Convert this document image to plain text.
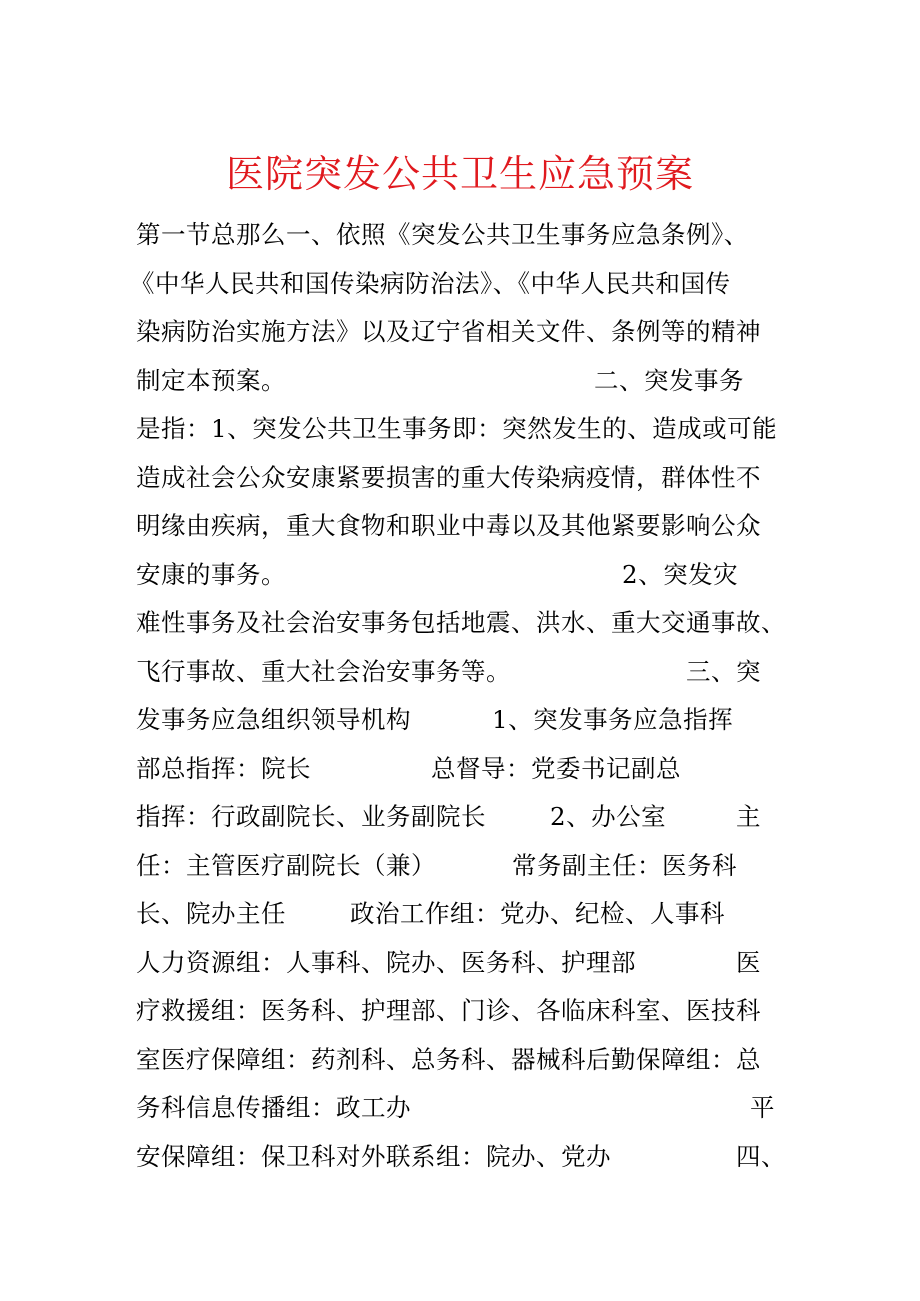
医院突发公共卫生应急预案
第一节总那么一、依照《突发公共卫生事务应急条例》、
《中华人民共和国传染病防治法》、《中华人民共和国传
染病防治实施方法》以及辽宁省相关文件、条例等的精神
制定本预案。	二、突发事务
是指：1、突发公共卫生事务即：突然发生的、造成或可能
造成社会公众安康紧要损害的重大传染病疫情，群体性不
明缘由疾病，重大食物和职业中毒以及其他紧要影响公众
安康的事务。	2、突发灾
难性事务及社会治安事务包括地震、洪水、重大交通事故、
飞行事故、重大社会治安事务等。	三、突
发事务应急组织领导机构	1、突发事务应急指挥
部总指挥：院长	总督导：党委书记副总
指挥：行政副院长、业务副院长	2、办公室	主
任：主管医疗副院长（兼）	常务副主任：医务科
长、院办主任	政治工作组：党办、纪检、人事科
人力资源组：人事科、院办、医务科、护理部	医
疗救援组：医务科、护理部、门诊、各临床科室、医技科
室医疗保障组：药剂科、总务科、器械科后勤保障组：总
务科信息传播组：政工办	平
安保障组：保卫科对外联系组：院办、党办	四、
